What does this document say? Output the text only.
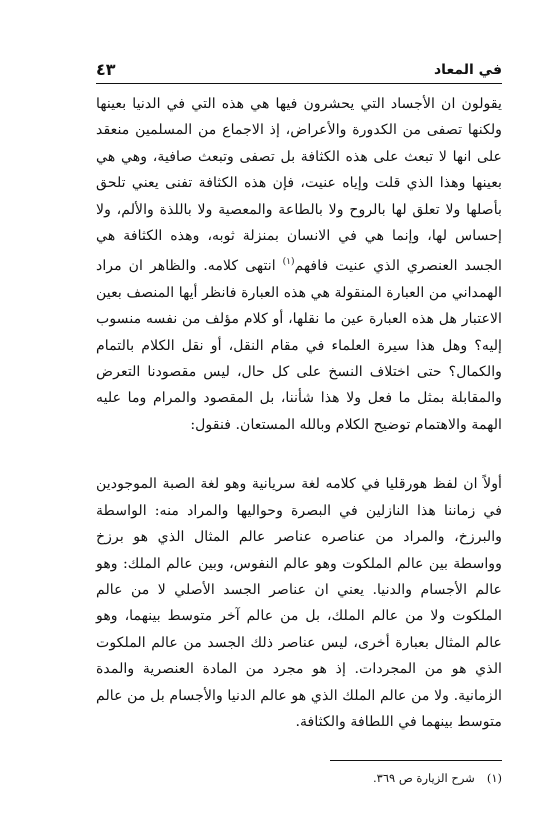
في المعاد
٤٣

يقولون ان الأجساد التي يحشرون فيها هي هذه التي في الدنيا بعينها ولكنها تصفى من الكدورة والأعراض، إذ الاجماع من المسلمين منعقد على انها لا تبعث على هذه الكثافة بل تصفى وتبعث صافية، وهي هي بعينها وهذا الذي قلت وإياه عنيت، فإن هذه الكثافة تفنى يعني تلحق بأصلها ولا تعلق لها بالروح ولا بالطاعة والمعصية ولا باللذة والألم، ولا إحساس لها، وإنما هي في الانسان بمنزلة ثوبه، وهذه الكثافة هي الجسد العنصري الذي عنيت فافهم$^{(١)}$ انتهى كلامه. والظاهر ان مراد الهمداني من العبارة المنقولة هي هذه العبارة فانظر أيها المنصف بعين الاعتبار هل هذه العبارة عين ما نقلها، أو كلام مؤلف من نفسه منسوب إليه؟ وهل هذا سيرة العلماء في مقام النقل، أو نقل الكلام بالتمام والكمال؟ حتى اختلاف النسخ على كل حال، ليس مقصودنا التعرض والمقابلة بمثل ما فعل ولا هذا شأننا، بل المقصود والمرام وما عليه الهمة والاهتمام توضيح الكلام وبالله المستعان. فنقول:

أولاً ان لفظ هورقليا في كلامه لغة سريانية وهو لغة الصبة الموجودين في زماننا هذا النازلين في البصرة وحواليها والمراد منه: الواسطة والبرزخ، والمراد من عناصره عناصر عالم المثال الذي هو برزخ وواسطة بين عالم الملكوت وهو عالم النفوس، وبين عالم الملك: وهو عالم الأجسام والدنيا. يعني ان عناصر الجسد الأصلي لا من عالم الملكوت ولا من عالم الملك، بل من عالم آخر متوسط بينهما، وهو عالم المثال بعبارة أخرى، ليس عناصر ذلك الجسد من عالم الملكوت الذي هو من المجردات. إذ هو مجرد من المادة العنصرية والمدة الزمانية. ولا من عالم الملك الذي هو عالم الدنيا والأجسام بل من عالم متوسط بينهما في اللطافة والكثافة.

(١)شرح الزيارة ص ٣٦٩.
